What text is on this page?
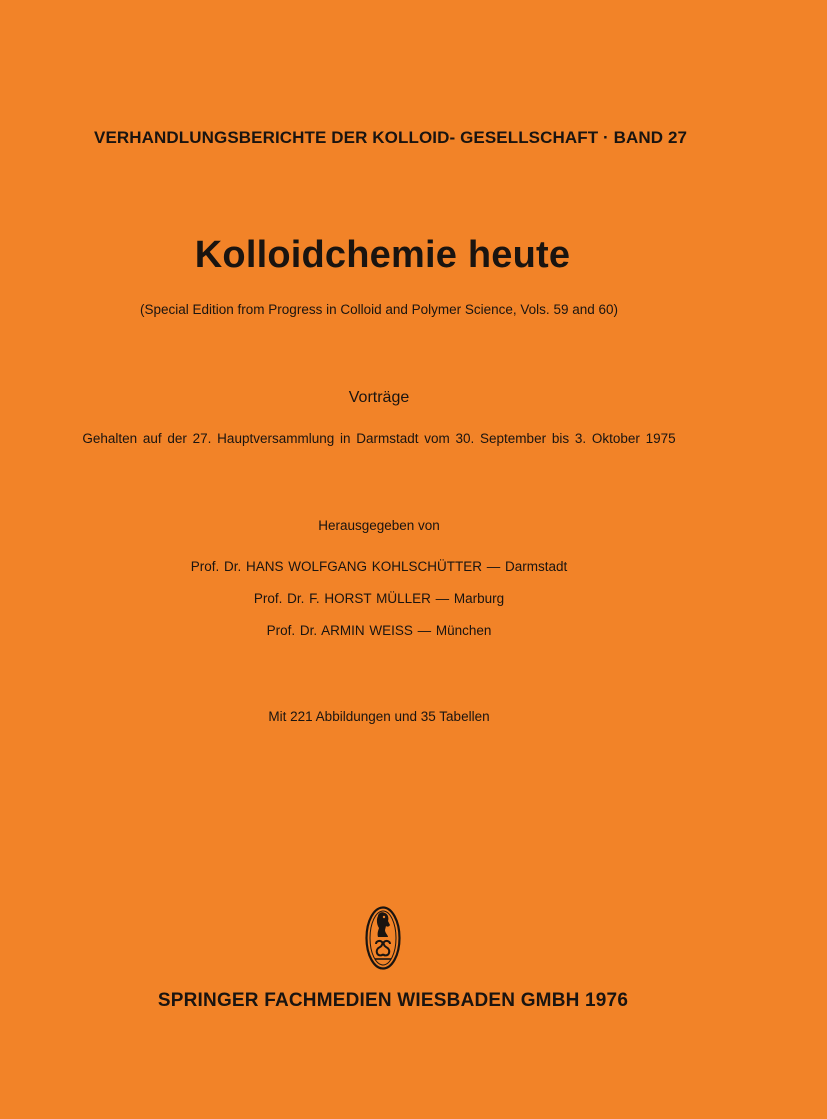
VERHANDLUNGSBERICHTE DER KOLLOID- GESELLSCHAFT · BAND 27
Kolloidchemie heute
(Special Edition from Progress in Colloid and Polymer Science, Vols. 59 and 60)
Vorträge
Gehalten auf der 27. Hauptversammlung in Darmstadt vom 30. September bis 3. Oktober 1975
Herausgegeben von
Prof. Dr. HANS WOLFGANG KOHLSCHÜTTER — Darmstadt
Prof. Dr. F. HORST MÜLLER — Marburg
Prof. Dr. ARMIN WEISS — München
Mit 221 Abbildungen und 35 Tabellen
SPRINGER FACHMEDIEN WIESBADEN GMBH 1976
